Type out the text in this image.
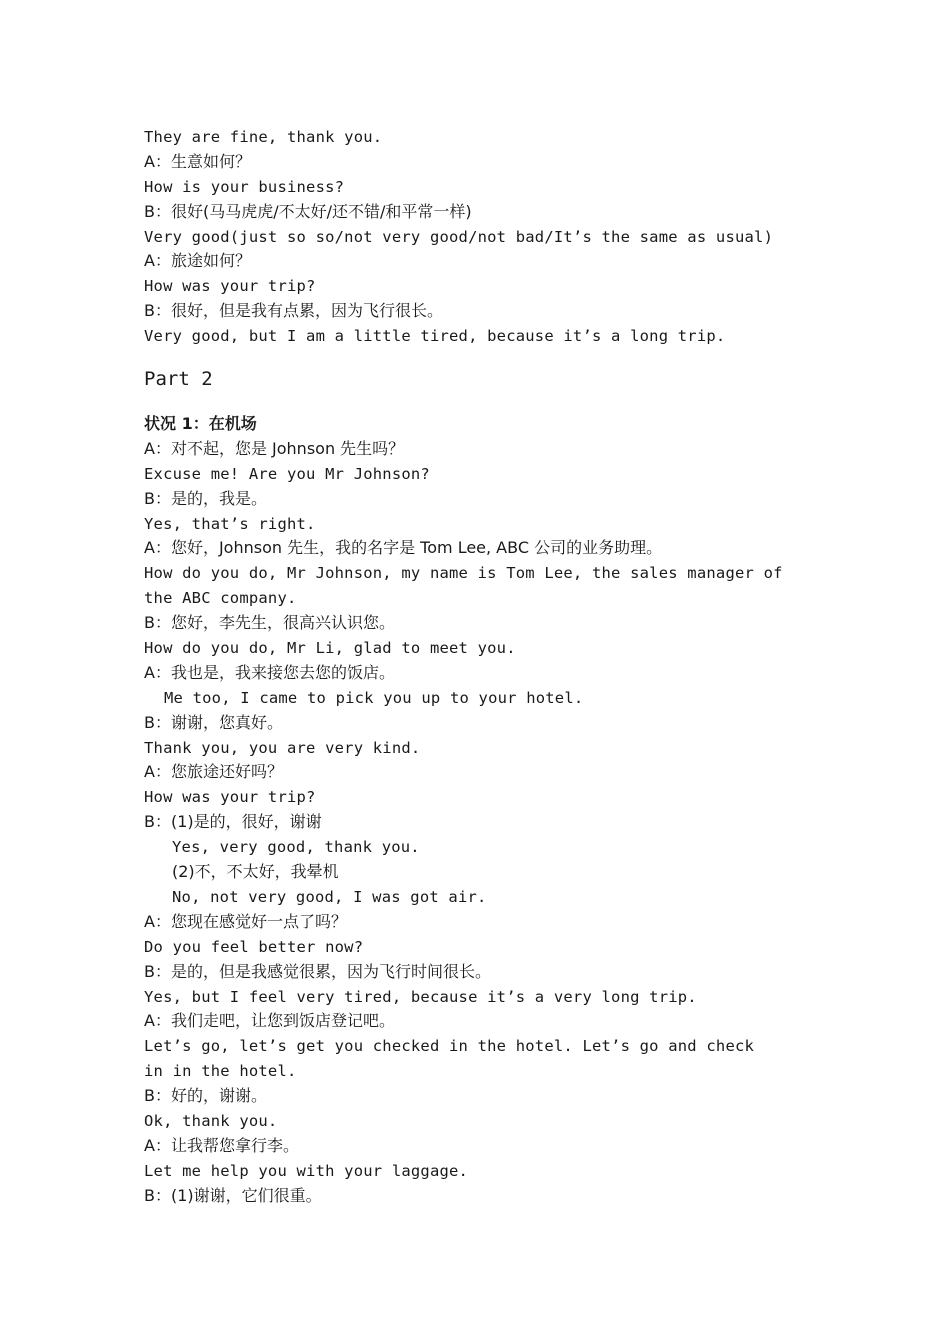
They are fine, thank you.
A：生意如何？
How is your business?
B：很好(马马虎虎/不太好/还不错/和平常一样)
Very good(just so so/not very good/not bad/It’s the same as usual)
A：旅途如何？
How was your trip?
B：很好，但是我有点累，因为飞行很长。
Very good, but I am a little tired, because it’s a long trip.
Part 2
状况 1：在机场
A：对不起，您是 Johnson 先生吗？
Excuse me! Are you Mr Johnson?
B：是的，我是。
Yes, that’s right.
A：您好，Johnson 先生，我的名字是 Tom Lee, ABC 公司的业务助理。
How do you do, Mr Johnson, my name is Tom Lee, the sales manager of
the ABC company.
B：您好，李先生，很高兴认识您。
How do you do, Mr Li, glad to meet you.
A：我也是，我来接您去您的饭店。
Me too, I came to pick you up to your hotel.
B：谢谢，您真好。
Thank you, you are very kind.
A：您旅途还好吗？
How was your trip?
B：(1)是的，很好，谢谢
Yes, very good, thank you.
(2)不，不太好，我晕机
No, not very good, I was got air.
A：您现在感觉好一点了吗？
Do you feel better now?
B：是的，但是我感觉很累，因为飞行时间很长。
Yes, but I feel very tired, because it’s a very long trip.
A：我们走吧，让您到饭店登记吧。
Let’s go, let’s get you checked in the hotel. Let’s go and check
in in the hotel.
B：好的，谢谢。
Ok, thank you.
A：让我帮您拿行李。
Let me help you with your laggage.
B：(1)谢谢，它们很重。
